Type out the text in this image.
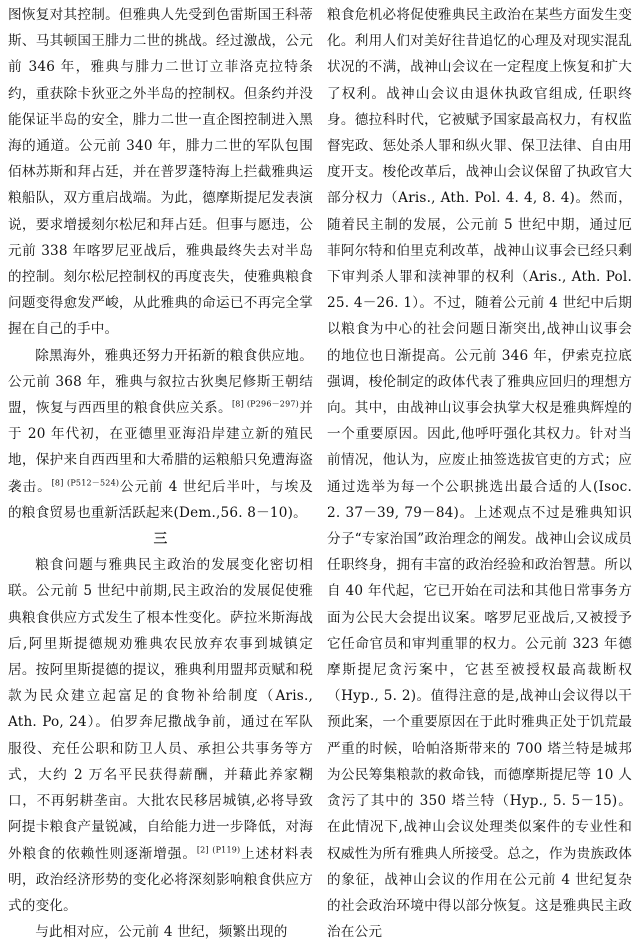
图恢复对其控制。但雅典人先受到色雷斯国王科蒂斯、马其顿国王腓力二世的挑战。经过激战，公元前 346 年，雅典与腓力二世订立菲洛克拉特条约，重获除卡狄亚之外半岛的控制权。但条约并没能保证半岛的安全，腓力二世一直企图控制进入黑海的通道。公元前 340 年，腓力二世的军队包围佰林苏斯和拜占廷，并在普罗蓬特海上拦截雅典运粮船队，双方重启战端。为此，德摩斯提尼发表演说，要求增援刻尔松尼和拜占廷。但事与愿违，公元前 338 年喀罗尼亚战后，雅典最终失去对半岛的控制。刻尔松尼控制权的再度丧失，使雅典粮食问题变得愈发严峻，从此雅典的命运已不再完全掌握在自己的手中。

除黑海外，雅典还努力开拓新的粮食供应地。公元前 368 年，雅典与叙拉古狄奥尼修斯王朝结盟，恢复与西西里的粮食供应关系。$^{[8] (P296-297)}$并于 20 年代初，在亚德里亚海沿岸建立新的殖民地，保护来自西西里和大希腊的运粮船只免遭海盗袭击。$^{[8] (P512-524)}$公元前 4 世纪后半叶，与埃及的粮食贸易也重新活跃起来(Dem.,56. 8－10)。

三

粮食问题与雅典民主政治的发展变化密切相联。公元前 5 世纪中前期,民主政治的发展促使雅典粮食供应方式发生了根本性变化。萨拉米斯海战后,阿里斯提德规劝雅典农民放弃农事到城镇定居。按阿里斯提德的提议，雅典利用盟邦贡赋和税款为民众建立起富足的食物补给制度（Aris., Ath. Po, 24）。伯罗奔尼撒战争前，通过在军队服役、充任公职和防卫人员、承担公共事务等方式，大约 2 万名平民获得薪酬，并藉此养家糊口，不再躬耕垄亩。大批农民移居城镇,必将导致阿提卡粮食产量锐减，自给能力进一步降低，对海外粮食的依赖性则逐渐增强。$^{[2] (P119)}$上述材料表明，政治经济形势的变化必将深刻影响粮食供应方式的变化。

与此相对应，公元前 4 世纪，频繁出现的

粮食危机必将促使雅典民主政治在某些方面发生变化。利用人们对美好往昔追忆的心理及对现实混乱状况的不满，战神山会议在一定程度上恢复和扩大了权利。战神山会议由退休执政官组成, 任职终身。德拉科时代，它被赋予国家最高权力，有权监督宪政、惩处杀人罪和纵火罪、保卫法律、自由用度开支。梭伦改革后，战神山会议保留了执政官大部分权力（Aris., Ath. Pol. 4. 4, 8. 4)。然而，随着民主制的发展，公元前 5 世纪中期，通过厄菲阿尔特和伯里克利改革，战神山议事会已经只剩下审判杀人罪和渎神罪的权利（Aris., Ath. Pol. 25. 4－26. 1）。不过，随着公元前 4 世纪中后期以粮食为中心的社会问题日渐突出,战神山议事会的地位也日渐提高。公元前 346 年，伊索克拉底强调，梭伦制定的政体代表了雅典应回归的理想方向。其中，由战神山议事会执掌大权是雅典辉煌的一个重要原因。因此,他呼吁强化其权力。针对当前情况，他认为，应废止抽签选拔官吏的方式；应通过选举为每一个公职挑选出最合适的人(Isoc. 2. 37－39, 79－84)。上述观点不过是雅典知识分子“专家治国”政治理念的阐发。战神山会议成员任职终身，拥有丰富的政治经验和政治智慧。所以自 40 年代起，它已开始在司法和其他日常事务方面为公民大会提出议案。喀罗尼亚战后,又被授予它任命官员和审判重罪的权力。公元前 323 年德摩斯提尼贪污案中，它甚至被授权最高裁断权（Hyp., 5. 2)。值得注意的是,战神山会议得以干预此案，一个重要原因在于此时雅典正处于饥荒最严重的时候，哈帕洛斯带来的 700 塔兰特是城邦为公民筹集粮款的救命钱，而德摩斯提尼等 10 人贪污了其中的 350 塔兰特（Hyp., 5. 5－15)。在此情况下,战神山会议处理类似案件的专业性和权威性为所有雅典人所接受。总之，作为贵族政体的象征，战神山会议的作用在公元前 4 世纪复杂的社会政治环境中得以部分恢复。这是雅典民主政治在公元
